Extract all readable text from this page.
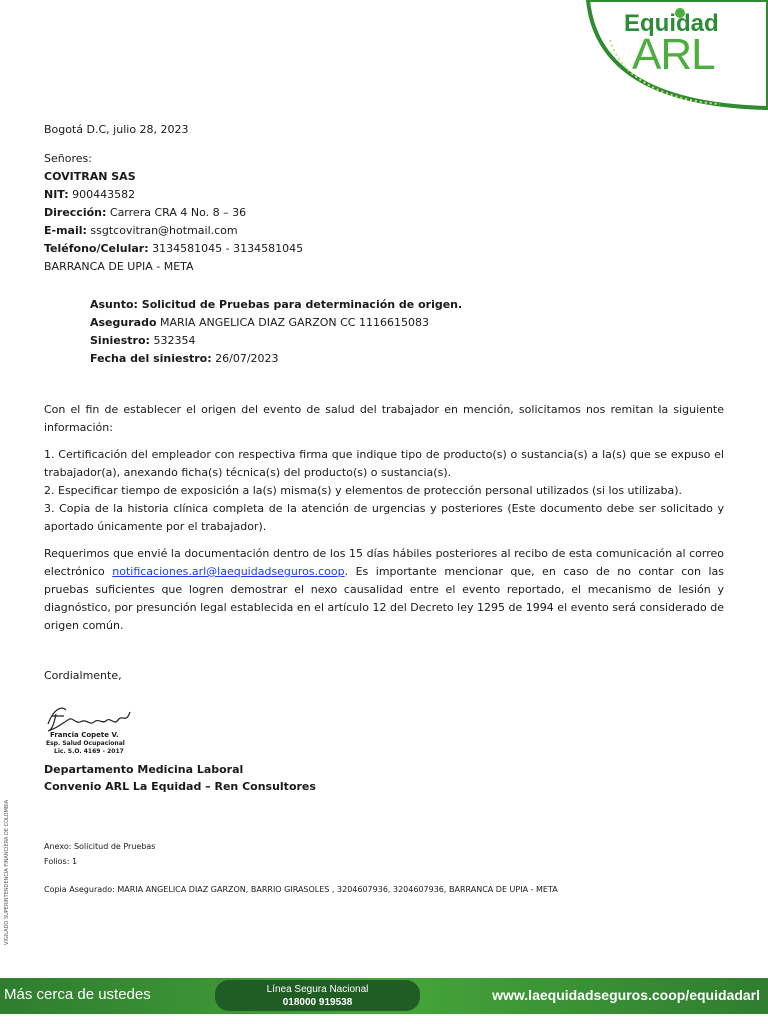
Equidad
ARL
Bogotá D.C, julio 28, 2023
Señores:
COVITRAN SAS
NIT: 900443582
Dirección: Carrera CRA 4 No. 8 – 36
E-mail: ssgtcovitran@hotmail.com
Teléfono/Celular: 3134581045 - 3134581045
BARRANCA DE UPIA - META
Asunto: Solicitud de Pruebas para determinación de origen.
Asegurado MARIA ANGELICA DIAZ GARZON CC 1116615083
Siniestro: 532354
Fecha del siniestro: 26/07/2023
Con el fin de establecer el origen del evento de salud del trabajador en mención, solicitamos nos remitan la siguiente información:
1. Certificación del empleador con respectiva firma que indique tipo de producto(s) o sustancia(s) a la(s) que se expuso el trabajador(a), anexando ficha(s) técnica(s) del producto(s) o sustancia(s).
2. Especificar tiempo de exposición a la(s) misma(s) y elementos de protección personal utilizados (si los utilizaba).
3. Copia de la historia clínica completa de la atención de urgencias y posteriores (Este documento debe ser solicitado y aportado únicamente por el trabajador).
Requerimos que envié la documentación dentro de los 15 días hábiles posteriores al recibo de esta comunicación al correo electrónico notificaciones.arl@laequidadseguros.coop. Es importante mencionar que, en caso de no contar con las pruebas suficientes que logren demostrar el nexo causalidad entre el evento reportado, el mecanismo de lesión y diagnóstico, por presunción legal establecida en el artículo 12 del Decreto ley 1295 de 1994 el evento será considerado de origen común.
Cordialmente,
Francia Copete V.
Esp. Salud Ocupacional
Lic. S.O. 4169 - 2017
Departamento Medicina Laboral
Convenio ARL La Equidad – Ren Consultores
Anexo: Solicitud de Pruebas
Folios: 1
Copia Asegurado: MARIA ANGELICA DIAZ GARZON, BARRIO GIRASOLES , 3204607936, 3204607936, BARRANCA DE UPIA - META
VIGILADO SUPERINTENDENCIA FINANCIERA DE COLOMBIA
Más cerca de ustedes	Línea Segura Nacional
018000 919538	www.laequidadseguros.coop/equidadarl
